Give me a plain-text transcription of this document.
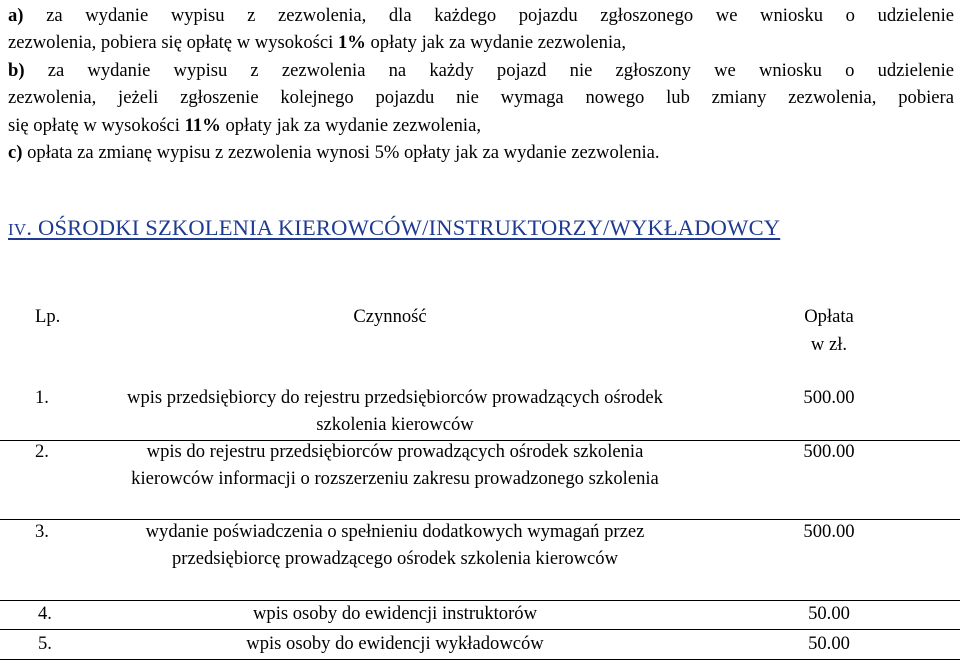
a) za wydanie wypisu z zezwolenia, dla każdego pojazdu zgłoszonego we wniosku o udzielenie
zezwolenia, pobiera się opłatę w wysokości 1% opłaty jak za wydanie zezwolenia,
b) za wydanie wypisu z zezwolenia na każdy pojazd nie zgłoszony we wniosku o udzielenie
zezwolenia, jeżeli zgłoszenie kolejnego pojazdu nie wymaga nowego lub zmiany zezwolenia, pobiera
się opłatę w wysokości 11% opłaty jak za wydanie zezwolenia,
c) opłata za zmianę wypisu z zezwolenia wynosi 5% opłaty jak za wydanie zezwolenia.
IV. OŚRODKI SZKOLENIA KIEROWCÓW/INSTRUKTORZY/WYKŁADOWCY
Lp.	Czynność	Opłata
w zł.
1.	wpis przedsiębiorcy do rejestru przedsiębiorców prowadzących ośrodek szkolenia kierowców
500.00
2.	wpis do rejestru przedsiębiorców prowadzących ośrodek szkolenia kierowców informacji o rozszerzeniu zakresu prowadzonego szkolenia
500.00
3.	wydanie poświadczenia o spełnieniu dodatkowych wymagań przez przedsiębiorcę prowadzącego ośrodek szkolenia kierowców
500.00
4.	wpis osoby do ewidencji instruktorów	50.00
5.	wpis osoby do ewidencji wykładowców	50.00
